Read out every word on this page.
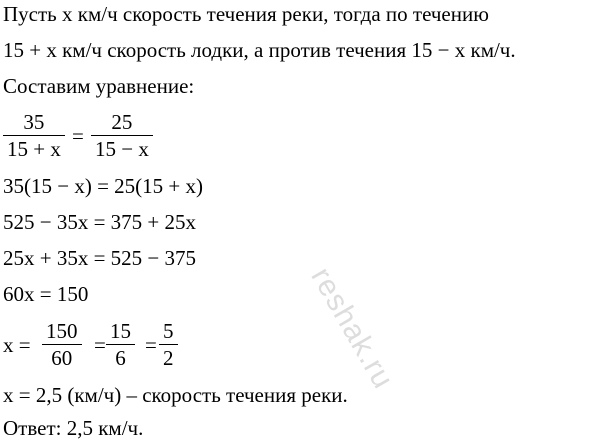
Пусть x км/ч скорость течения реки, тогда по течению
15 + x км/ч скорость лодки, а против течения 15 − x км/ч.
Составим уравнение:
$\frac{35}{15 + x} = \frac{25}{15 - x}$
35(15 − x) = 25(15 + x)
525 − 35x = 375 + 25x
25x + 35x = 525 − 375
60x = 150
$x = \frac{150}{60} = \frac{15}{6} = \frac{5}{2}$
x = 2,5 (км/ч) – скорость течения реки.
Ответ: 2,5 км/ч.
reshak.ru
